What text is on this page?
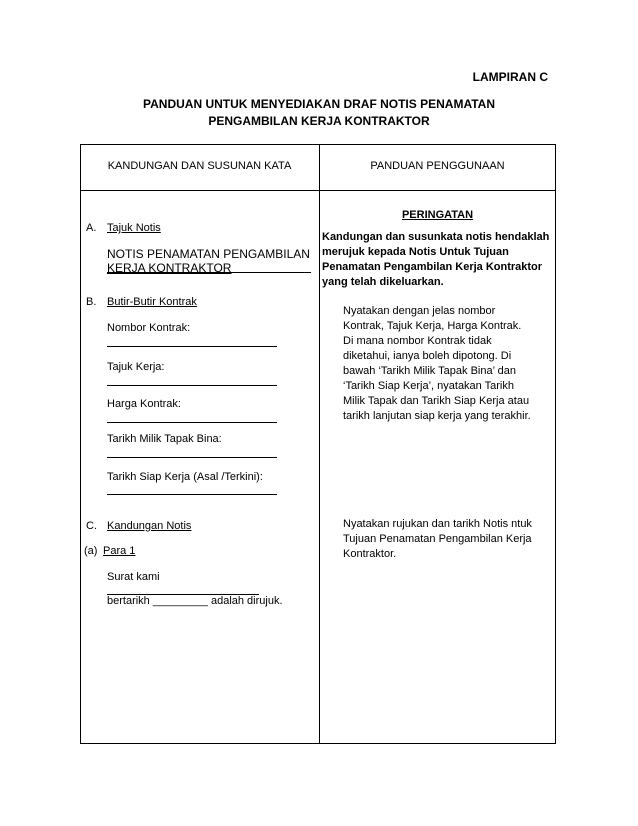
LAMPIRAN C
PANDUAN UNTUK MENYEDIAKAN DRAF NOTIS PENAMATAN
PENGAMBILAN KERJA KONTRAKTOR
KANDUNGAN DAN SUSUNAN KATA	PANDUAN PENGGUNAAN
A. Tajuk Notis
NOTIS PENAMATAN PENGAMBILAN
KERJA KONTRAKTOR
B. Butir-Butir Kontrak
Nombor Kontrak:
Tajuk Kerja:
Harga Kontrak:
Tarikh Milik Tapak Bina:
Tarikh Siap Kerja (Asal /Terkini):
C. Kandungan Notis
(a) Para 1
Surat kami
bertarikh _________ adalah dirujuk.
PERINGATAN
Kandungan dan susunkata notis hendaklah
merujuk kepada Notis Untuk Tujuan
Penamatan Pengambilan Kerja Kontraktor
yang telah dikeluarkan.
Nyatakan dengan jelas nombor
Kontrak, Tajuk Kerja, Harga Kontrak.
Di mana nombor Kontrak tidak
diketahui, ianya boleh dipotong. Di
bawah ‘Tarikh Milik Tapak Bina’ dan
‘Tarikh Siap Kerja’, nyatakan Tarikh
Milik Tapak dan Tarikh Siap Kerja atau
tarikh lanjutan siap kerja yang terakhir.
Nyatakan rujukan dan tarikh Notis ntuk
Tujuan Penamatan Pengambilan Kerja
Kontraktor.
